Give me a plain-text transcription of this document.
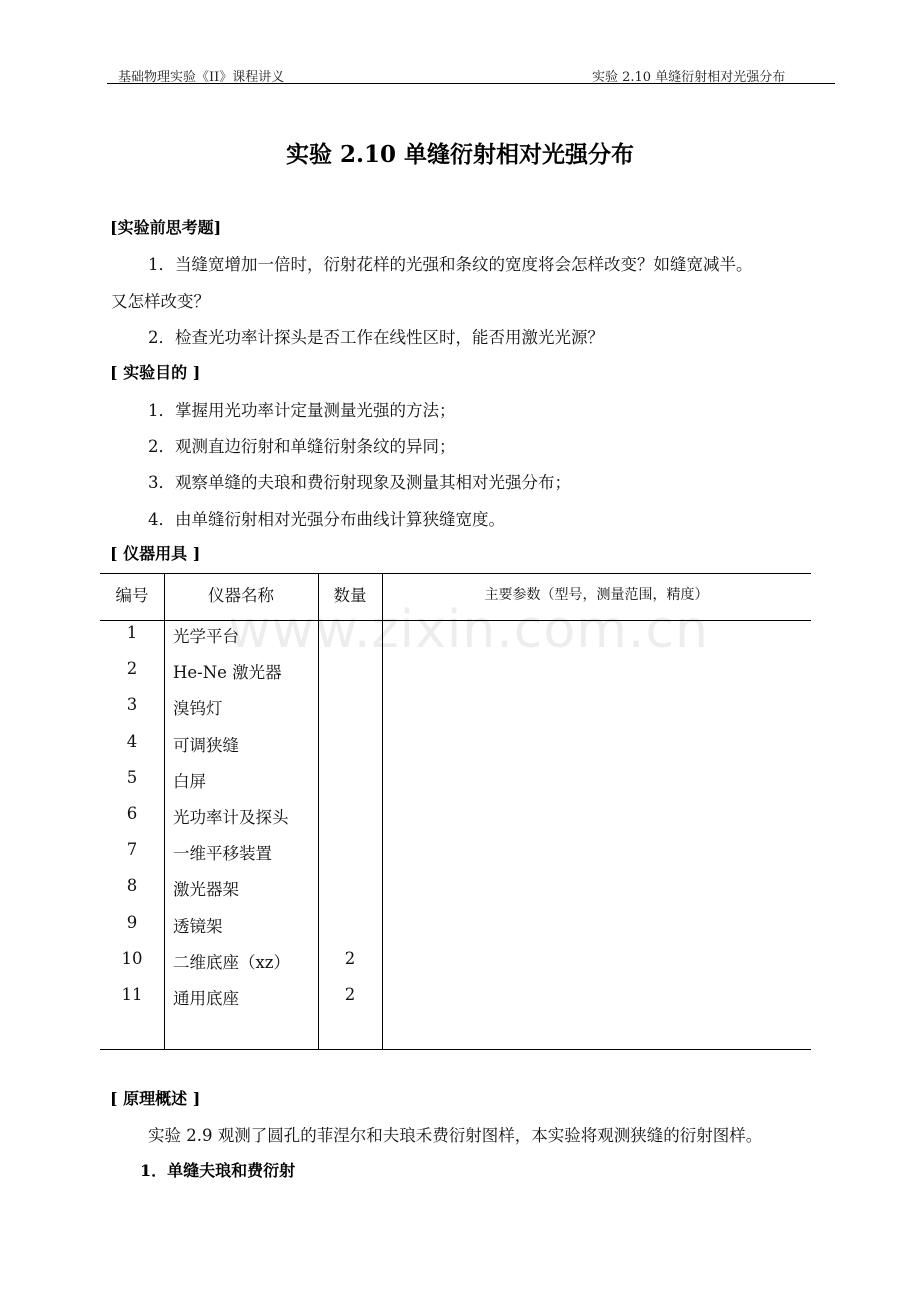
基础物理实验《II》课程讲义	实验 2.10 单缝衍射相对光强分布
实验 2.10 单缝衍射相对光强分布
[实验前思考题]
1．当缝宽增加一倍时，衍射花样的光强和条纹的宽度将会怎样改变？如缝宽减半。
又怎样改变？
2．检查光功率计探头是否工作在线性区时，能否用激光光源？
[ 实验目的 ]
1．掌握用光功率计定量测量光强的方法；
2．观测直边衍射和单缝衍射条纹的异同；
3．观察单缝的夫琅和费衍射现象及测量其相对光强分布；
4．由单缝衍射相对光强分布曲线计算狭缝宽度。
[ 仪器用具 ]
编号	仪器名称	数量	主要参数（型号，测量范围，精度）
1	光学平台
2	He-Ne 激光器
3	溴钨灯
4	可调狭缝
5	白屏
6	光功率计及探头
7	一维平移装置
8	激光器架
9	透镜架
10	二维底座（xz）	2
11	通用底座	2
www.zixin.com.cn
[ 原理概述 ]
实验 2.9 观测了圆孔的菲涅尔和夫琅禾费衍射图样，本实验将观测狭缝的衍射图样。
1．单缝夫琅和费衍射
